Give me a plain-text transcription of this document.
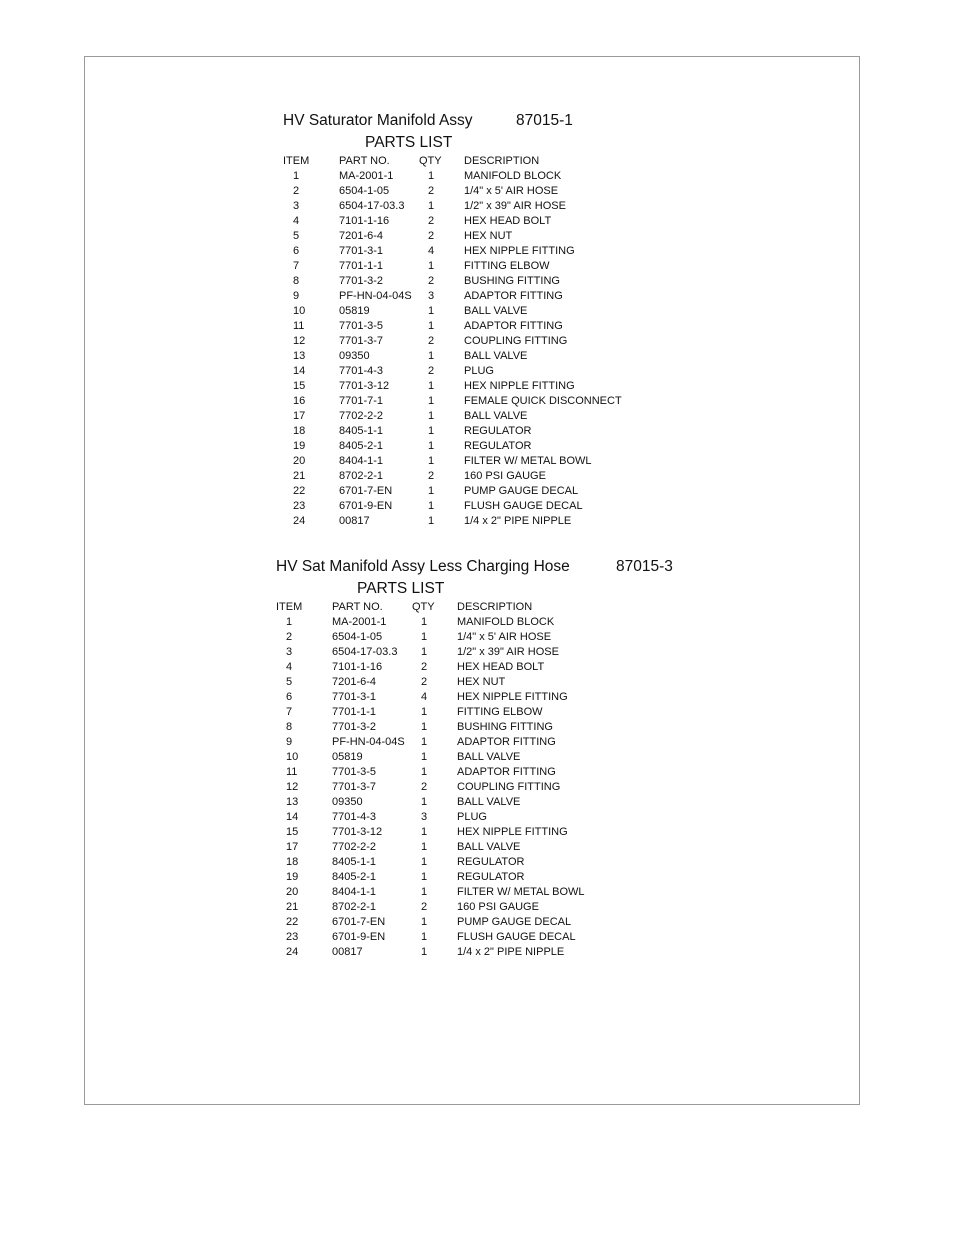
HV Saturator Manifold Assy	87015-1
PARTS LIST
ITEM	PART NO.	QTY	DESCRIPTION
1	MA-2001-1	1	MANIFOLD BLOCK
2	6504-1-05	2	1/4" x 5' AIR HOSE
3	6504-17-03.3	1	1/2" x 39" AIR HOSE
4	7101-1-16	2	HEX HEAD BOLT
5	7201-6-4	2	HEX NUT
6	7701-3-1	4	HEX NIPPLE FITTING
7	7701-1-1	1	FITTING ELBOW
8	7701-3-2	2	BUSHING FITTING
9	PF-HN-04-04S	3	ADAPTOR FITTING
10	05819	1	BALL VALVE
11	7701-3-5	1	ADAPTOR FITTING
12	7701-3-7	2	COUPLING FITTING
13	09350	1	BALL VALVE
14	7701-4-3	2	PLUG
15	7701-3-12	1	HEX NIPPLE FITTING
16	7701-7-1	1	FEMALE QUICK DISCONNECT
17	7702-2-2	1	BALL VALVE
18	8405-1-1	1	REGULATOR
19	8405-2-1	1	REGULATOR
20	8404-1-1	1	FILTER W/ METAL BOWL
21	8702-2-1	2	160 PSI GAUGE
22	6701-7-EN	1	PUMP GAUGE DECAL
23	6701-9-EN	1	FLUSH GAUGE DECAL
24	00817	1	1/4 x 2" PIPE NIPPLE
HV Sat Manifold Assy Less Charging Hose	87015-3
PARTS LIST
ITEM	PART NO.	QTY	DESCRIPTION
1	MA-2001-1	1	MANIFOLD BLOCK
2	6504-1-05	1	1/4" x 5' AIR HOSE
3	6504-17-03.3	1	1/2" x 39" AIR HOSE
4	7101-1-16	2	HEX HEAD BOLT
5	7201-6-4	2	HEX NUT
6	7701-3-1	4	HEX NIPPLE FITTING
7	7701-1-1	1	FITTING ELBOW
8	7701-3-2	1	BUSHING FITTING
9	PF-HN-04-04S	1	ADAPTOR FITTING
10	05819	1	BALL VALVE
11	7701-3-5	1	ADAPTOR FITTING
12	7701-3-7	2	COUPLING FITTING
13	09350	1	BALL VALVE
14	7701-4-3	3	PLUG
15	7701-3-12	1	HEX NIPPLE FITTING
17	7702-2-2	1	BALL VALVE
18	8405-1-1	1	REGULATOR
19	8405-2-1	1	REGULATOR
20	8404-1-1	1	FILTER W/ METAL BOWL
21	8702-2-1	2	160 PSI GAUGE
22	6701-7-EN	1	PUMP GAUGE DECAL
23	6701-9-EN	1	FLUSH GAUGE DECAL
24	00817	1	1/4 x 2" PIPE NIPPLE
